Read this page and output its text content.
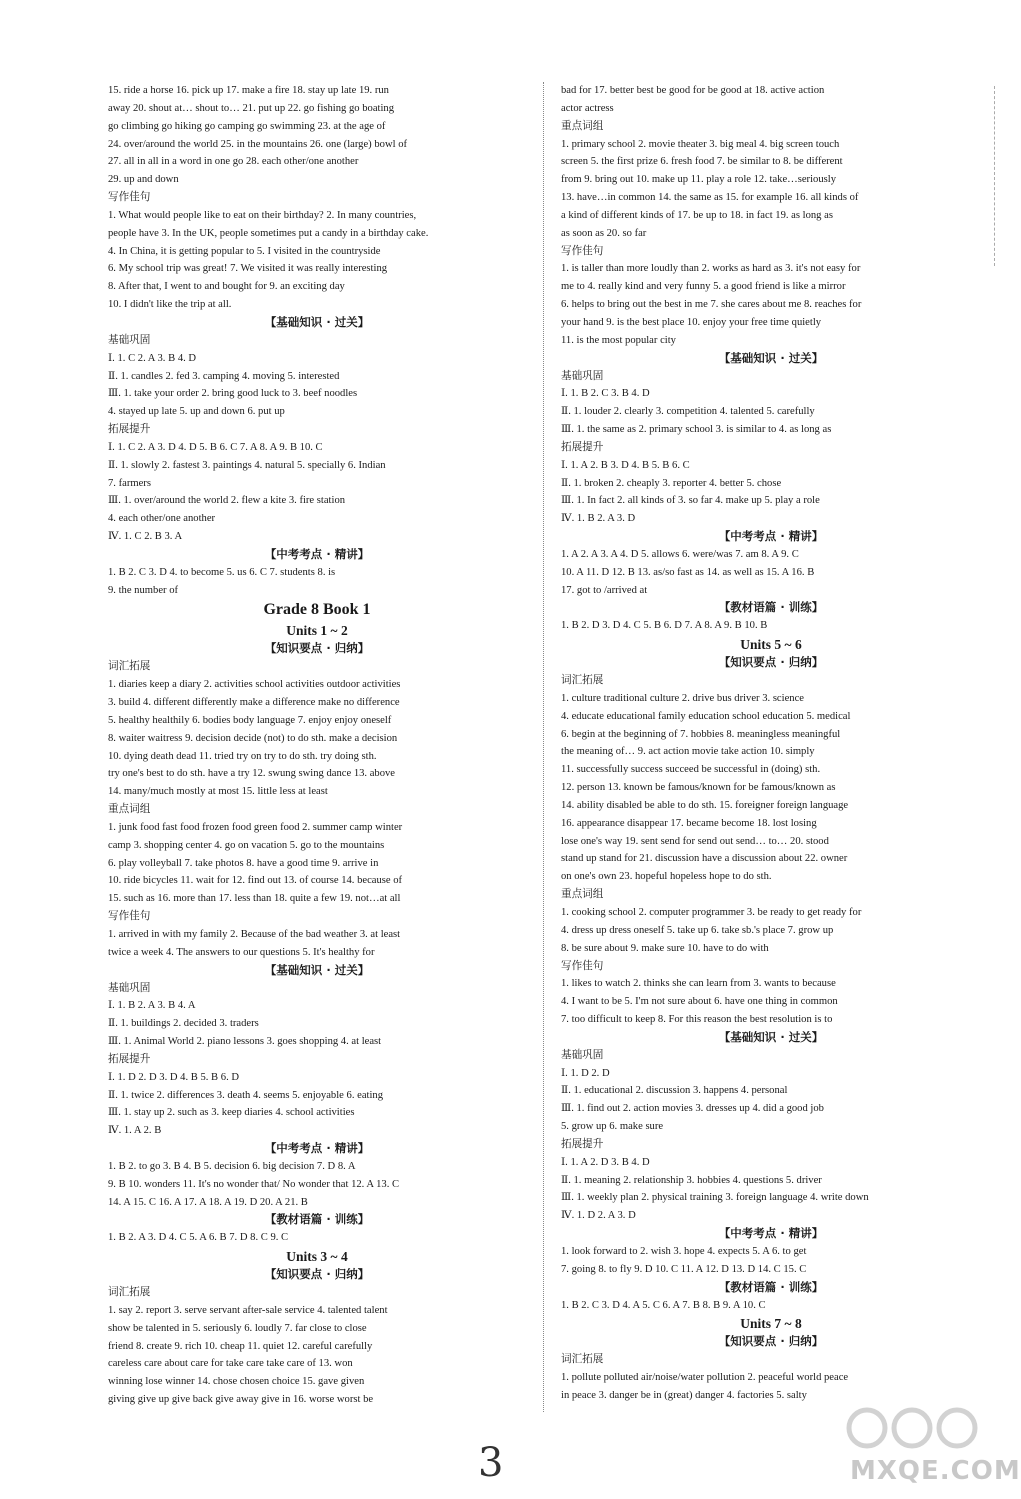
15. ride a horse 16. pick up 17. make a fire 18. stay up late 19. run
away 20. shout at… shout to… 21. put up 22. go fishing go boating
go climbing go hiking go camping go swimming 23. at the age of
24. over/around the world 25. in the mountains 26. one (large) bowl of
27. all in all in a word in one go 28. each other/one another
29. up and down
写作佳句
1. What would people like to eat on their birthday? 2. In many countries,
people have 3. In the UK, people sometimes put a candy in a birthday cake.
4. In China, it is getting popular to 5. I visited in the countryside
6. My school trip was great! 7. We visited it was really interesting
8. After that, I went to and bought for 9. an exciting day
10. I didn't like the trip at all.
【基础知识 · 过关】
基础巩固
Ⅰ. 1. C 2. A 3. B 4. D
Ⅱ. 1. candles 2. fed 3. camping 4. moving 5. interested
Ⅲ. 1. take your order 2. bring good luck to 3. beef noodles
4. stayed up late 5. up and down 6. put up
拓展提升
Ⅰ. 1. C 2. A 3. D 4. D 5. B 6. C 7. A 8. A 9. B 10. C
Ⅱ. 1. slowly 2. fastest 3. paintings 4. natural 5. specially 6. Indian
7. farmers
Ⅲ. 1. over/around the world 2. flew a kite 3. fire station
4. each other/one another
Ⅳ. 1. C 2. B 3. A
【中考考点 · 精讲】
1. B 2. C 3. D 4. to become 5. us 6. C 7. students 8. is
9. the number of
Grade 8 Book 1
Units 1 ~ 2
【知识要点 · 归纳】
词汇拓展
1. diaries keep a diary 2. activities school activities outdoor activities
3. build 4. different differently make a difference make no difference
5. healthy healthily 6. bodies body language 7. enjoy enjoy oneself
8. waiter waitress 9. decision decide (not) to do sth. make a decision
10. dying death dead 11. tried try on try to do sth. try doing sth.
try one's best to do sth. have a try 12. swung swing dance 13. above
14. many/much mostly at most 15. little less at least
重点词组
1. junk food fast food frozen food green food 2. summer camp winter
camp 3. shopping center 4. go on vacation 5. go to the mountains
6. play volleyball 7. take photos 8. have a good time 9. arrive in
10. ride bicycles 11. wait for 12. find out 13. of course 14. because of
15. such as 16. more than 17. less than 18. quite a few 19. not…at all
写作佳句
1. arrived in with my family 2. Because of the bad weather 3. at least
twice a week 4. The answers to our questions 5. It's healthy for
【基础知识 · 过关】
基础巩固
Ⅰ. 1. B 2. A 3. B 4. A
Ⅱ. 1. buildings 2. decided 3. traders
Ⅲ. 1. Animal World 2. piano lessons 3. goes shopping 4. at least
拓展提升
Ⅰ. 1. D 2. D 3. D 4. B 5. B 6. D
Ⅱ. 1. twice 2. differences 3. death 4. seems 5. enjoyable 6. eating
Ⅲ. 1. stay up 2. such as 3. keep diaries 4. school activities
Ⅳ. 1. A 2. B
【中考考点 · 精讲】
1. B 2. to go 3. B 4. B 5. decision 6. big decision 7. D 8. A
9. B 10. wonders 11. It's no wonder that/ No wonder that 12. A 13. C
14. A 15. C 16. A 17. A 18. A 19. D 20. A 21. B
【教材语篇 · 训练】
1. B 2. A 3. D 4. C 5. A 6. B 7. D 8. C 9. C
Units 3 ~ 4
【知识要点 · 归纳】
词汇拓展
1. say 2. report 3. serve servant after-sale service 4. talented talent
show be talented in 5. seriously 6. loudly 7. far close to close
friend 8. create 9. rich 10. cheap 11. quiet 12. careful carefully
careless care about care for take care take care of 13. won
winning lose winner 14. chose chosen choice 15. gave given
giving give up give back give away give in 16. worse worst be
bad for 17. better best be good for be good at 18. active action
actor actress
重点词组
1. primary school 2. movie theater 3. big meal 4. big screen touch
screen 5. the first prize 6. fresh food 7. be similar to 8. be different
from 9. bring out 10. make up 11. play a role 12. take…seriously
13. have…in common 14. the same as 15. for example 16. all kinds of
a kind of different kinds of 17. be up to 18. in fact 19. as long as
as soon as 20. so far
写作佳句
1. is taller than more loudly than 2. works as hard as 3. it's not easy for
me to 4. really kind and very funny 5. a good friend is like a mirror
6. helps to bring out the best in me 7. she cares about me 8. reaches for
your hand 9. is the best place 10. enjoy your free time quietly
11. is the most popular city
【基础知识 · 过关】
基础巩固
Ⅰ. 1. B 2. C 3. B 4. D
Ⅱ. 1. louder 2. clearly 3. competition 4. talented 5. carefully
Ⅲ. 1. the same as 2. primary school 3. is similar to 4. as long as
拓展提升
Ⅰ. 1. A 2. B 3. D 4. B 5. B 6. C
Ⅱ. 1. broken 2. cheaply 3. reporter 4. better 5. chose
Ⅲ. 1. In fact 2. all kinds of 3. so far 4. make up 5. play a role
Ⅳ. 1. B 2. A 3. D
【中考考点 · 精讲】
1. A 2. A 3. A 4. D 5. allows 6. were/was 7. am 8. A 9. C
10. A 11. D 12. B 13. as/so fast as 14. as well as 15. A 16. B
17. got to /arrived at
【教材语篇 · 训练】
1. B 2. D 3. D 4. C 5. B 6. D 7. A 8. A 9. B 10. B
Units 5 ~ 6
【知识要点 · 归纳】
词汇拓展
1. culture traditional culture 2. drive bus driver 3. science
4. educate educational family education school education 5. medical
6. begin at the beginning of 7. hobbies 8. meaningless meaningful
the meaning of… 9. act action movie take action 10. simply
11. successfully success succeed be successful in (doing) sth.
12. person 13. known be famous/known for be famous/known as
14. ability disabled be able to do sth. 15. foreigner foreign language
16. appearance disappear 17. became become 18. lost losing
lose one's way 19. sent send for send out send… to… 20. stood
stand up stand for 21. discussion have a discussion about 22. owner
on one's own 23. hopeful hopeless hope to do sth.
重点词组
1. cooking school 2. computer programmer 3. be ready to get ready for
4. dress up dress oneself 5. take up 6. take sb.'s place 7. grow up
8. be sure about 9. make sure 10. have to do with
写作佳句
1. likes to watch 2. thinks she can learn from 3. wants to because
4. I want to be 5. I'm not sure about 6. have one thing in common
7. too difficult to keep 8. For this reason the best resolution is to
【基础知识 · 过关】
基础巩固
Ⅰ. 1. D 2. D
Ⅱ. 1. educational 2. discussion 3. happens 4. personal
Ⅲ. 1. find out 2. action movies 3. dresses up 4. did a good job
5. grow up 6. make sure
拓展提升
Ⅰ. 1. A 2. D 3. B 4. D
Ⅱ. 1. meaning 2. relationship 3. hobbies 4. questions 5. driver
Ⅲ. 1. weekly plan 2. physical training 3. foreign language 4. write down
Ⅳ. 1. D 2. A 3. D
【中考考点 · 精讲】
1. look forward to 2. wish 3. hope 4. expects 5. A 6. to get
7. going 8. to fly 9. D 10. C 11. A 12. D 13. D 14. C 15. C
【教材语篇 · 训练】
1. B 2. C 3. D 4. A 5. C 6. A 7. B 8. B 9. A 10. C
Units 7 ~ 8
【知识要点 · 归纳】
词汇拓展
1. pollute polluted air/noise/water pollution 2. peaceful world peace
in peace 3. danger be in (great) danger 4. factories 5. salty
3	MXQE.COM
